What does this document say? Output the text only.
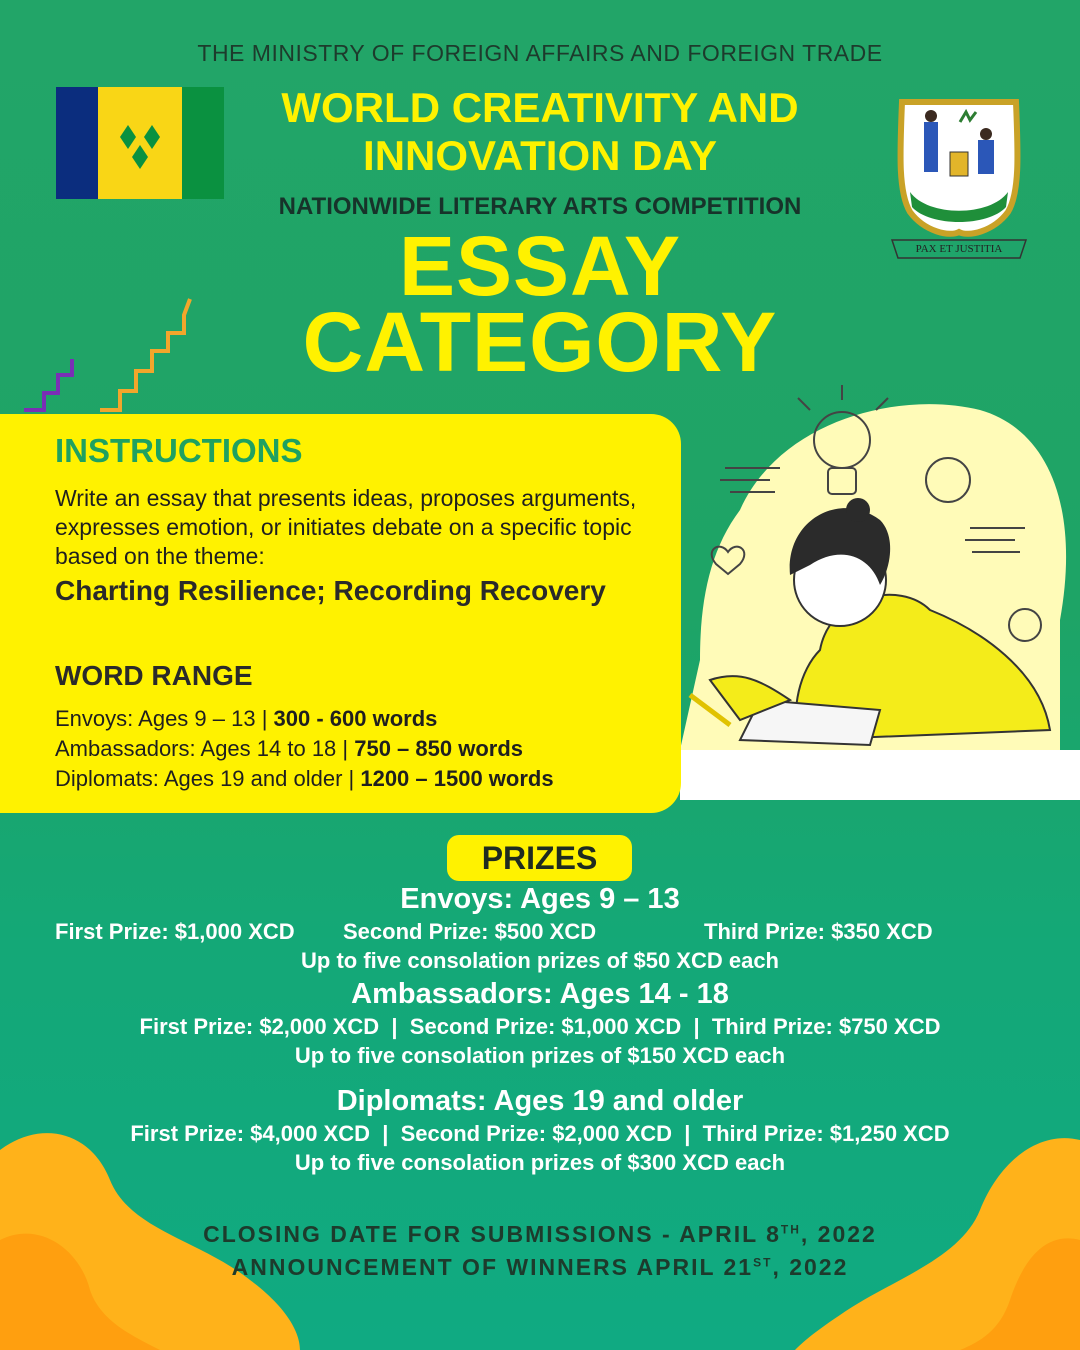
THE MINISTRY OF FOREIGN AFFAIRS AND FOREIGN TRADE
WORLD CREATIVITY AND
INNOVATION DAY
PAX ET JUSTITIA
NATIONWIDE LITERARY ARTS COMPETITION
ESSAY
CATEGORY
INSTRUCTIONS
Write an essay that presents ideas, proposes arguments, expresses emotion, or initiates debate on a specific topic based on the theme:
Charting Resilience; Recording Recovery
WORD RANGE
Envoys: Ages 9 – 13 | 300 - 600 words
Ambassadors: Ages 14 to 18 | 750 – 850 words
Diplomats: Ages 19 and older | 1200 – 1500 words
PRIZES
Envoys: Ages 9 – 13
First Prize: $1,000 XCD Second Prize: $500 XCD	Third Prize: $350 XCD
Up to five consolation prizes of $50 XCD each
Ambassadors: Ages 14 - 18
First Prize: $2,000 XCD  |  Second Prize: $1,000 XCD  |  Third Prize: $750 XCD
Up to five consolation prizes of $150 XCD each
Diplomats: Ages 19 and older
First Prize: $4,000 XCD  |  Second Prize: $2,000 XCD  |  Third Prize: $1,250 XCD
Up to five consolation prizes of $300 XCD each
CLOSING DATE FOR SUBMISSIONS - APRIL 8TH, 2022
ANNOUNCEMENT OF WINNERS APRIL 21ST, 2022
